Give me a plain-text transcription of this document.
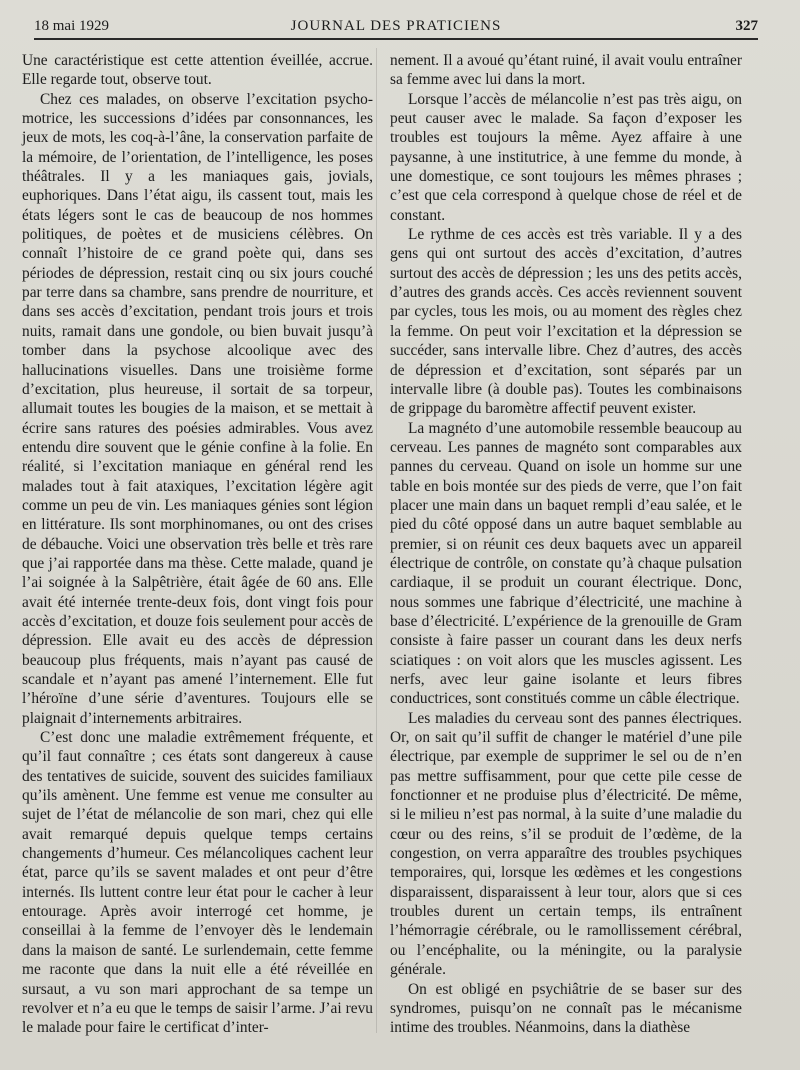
18 mai 1929	JOURNAL DES PRATICIENS	327

Une caractéristique est cette attention éveillée, accrue. Elle regarde tout, observe tout.

Chez ces malades, on observe l’excitation psycho-motrice, les successions d’idées par consonnances, les jeux de mots, les coq-à-l’âne, la conservation parfaite de la mémoire, de l’orientation, de l’intelligence, les poses théâtrales. Il y a les maniaques gais, jovials, euphoriques. Dans l’état aigu, ils cassent tout, mais les états légers sont le cas de beaucoup de nos hommes politiques, de poètes et de musiciens célèbres. On connaît l’histoire de ce grand poète qui, dans ses périodes de dépression, restait cinq ou six jours couché par terre dans sa chambre, sans prendre de nourriture, et dans ses accès d’excitation, pendant trois jours et trois nuits, ramait dans une gondole, ou bien buvait jusqu’à tomber dans la psychose alcoolique avec des hallucinations visuelles. Dans une troisième forme d’excitation, plus heureuse, il sortait de sa torpeur, allumait toutes les bougies de la maison, et se mettait à écrire sans ratures des poésies admirables. Vous avez entendu dire souvent que le génie confine à la folie. En réalité, si l’excitation maniaque en général rend les malades tout à fait ataxiques, l’excitation légère agit comme un peu de vin. Les maniaques génies sont légion en littérature. Ils sont morphinomanes, ou ont des crises de débauche. Voici une observation très belle et très rare que j’ai rapportée dans ma thèse. Cette malade, quand je l’ai soignée à la Salpêtrière, était âgée de 60 ans. Elle avait été internée trente-deux fois, dont vingt fois pour accès d’excitation, et douze fois seulement pour accès de dépression. Elle avait eu des accès de dépression beaucoup plus fréquents, mais n’ayant pas causé de scandale et n’ayant pas amené l’internement. Elle fut l’héroïne d’une série d’aventures. Toujours elle se plaignait d’internements arbitraires.

C’est donc une maladie extrêmement fréquente, et qu’il faut connaître ; ces états sont dangereux à cause des tentatives de suicide, souvent des suicides familiaux qu’ils amènent. Une femme est venue me consulter au sujet de l’état de mélancolie de son mari, chez qui elle avait remarqué depuis quelque temps certains changements d’humeur. Ces mélancoliques cachent leur état, parce qu’ils se savent malades et ont peur d’être internés. Ils luttent contre leur état pour le cacher à leur entourage. Après avoir interrogé cet homme, je conseillai à la femme de l’envoyer dès le lendemain dans la maison de santé. Le surlendemain, cette femme me raconte que dans la nuit elle a été réveillée en sursaut, a vu son mari approchant de sa tempe un revolver et n’a eu que le temps de saisir l’arme. J’ai revu le malade pour faire le certificat d’inter-

nement. Il a avoué qu’étant ruiné, il avait voulu entraîner sa femme avec lui dans la mort.

Lorsque l’accès de mélancolie n’est pas très aigu, on peut causer avec le malade. Sa façon d’exposer les troubles est toujours la même. Ayez affaire à une paysanne, à une institutrice, à une femme du monde, à une domestique, ce sont toujours les mêmes phrases ; c’est que cela correspond à quelque chose de réel et de constant.

Le rythme de ces accès est très variable. Il y a des gens qui ont surtout des accès d’excitation, d’autres surtout des accès de dépression ; les uns des petits accès, d’autres des grands accès. Ces accès reviennent souvent par cycles, tous les mois, ou au moment des règles chez la femme. On peut voir l’excitation et la dépression se succéder, sans intervalle libre. Chez d’autres, des accès de dépression et d’excitation, sont séparés par un intervalle libre (à double pas). Toutes les combinaisons de grippage du baromètre affectif peuvent exister.

La magnéto d’une automobile ressemble beaucoup au cerveau. Les pannes de magnéto sont comparables aux pannes du cerveau. Quand on isole un homme sur une table en bois montée sur des pieds de verre, que l’on fait placer une main dans un baquet rempli d’eau salée, et le pied du côté opposé dans un autre baquet semblable au premier, si on réunit ces deux baquets avec un appareil électrique de contrôle, on constate qu’à chaque pulsation cardiaque, il se produit un courant électrique. Donc, nous sommes une fabrique d’électricité, une machine à base d’électricité. L’expérience de la grenouille de Gram consiste à faire passer un courant dans les deux nerfs sciatiques : on voit alors que les muscles agissent. Les nerfs, avec leur gaine isolante et leurs fibres conductrices, sont constitués comme un câble électrique.

Les maladies du cerveau sont des pannes électriques. Or, on sait qu’il suffit de changer le matériel d’une pile électrique, par exemple de supprimer le sel ou de n’en pas mettre suffisamment, pour que cette pile cesse de fonctionner et ne produise plus d’électricité. De même, si le milieu n’est pas normal, à la suite d’une maladie du cœur ou des reins, s’il se produit de l’œdème, de la congestion, on verra apparaître des troubles psychiques temporaires, qui, lorsque les œdèmes et les congestions disparaissent, disparaissent à leur tour, alors que si ces troubles durent un certain temps, ils entraînent l’hémorragie cérébrale, ou le ramollissement cérébral, ou l’encéphalite, ou la méningite, ou la paralysie générale.

On est obligé en psychiâtrie de se baser sur des syndromes, puisqu’on ne connaît pas le mécanisme intime des troubles. Néanmoins, dans la diathèse
